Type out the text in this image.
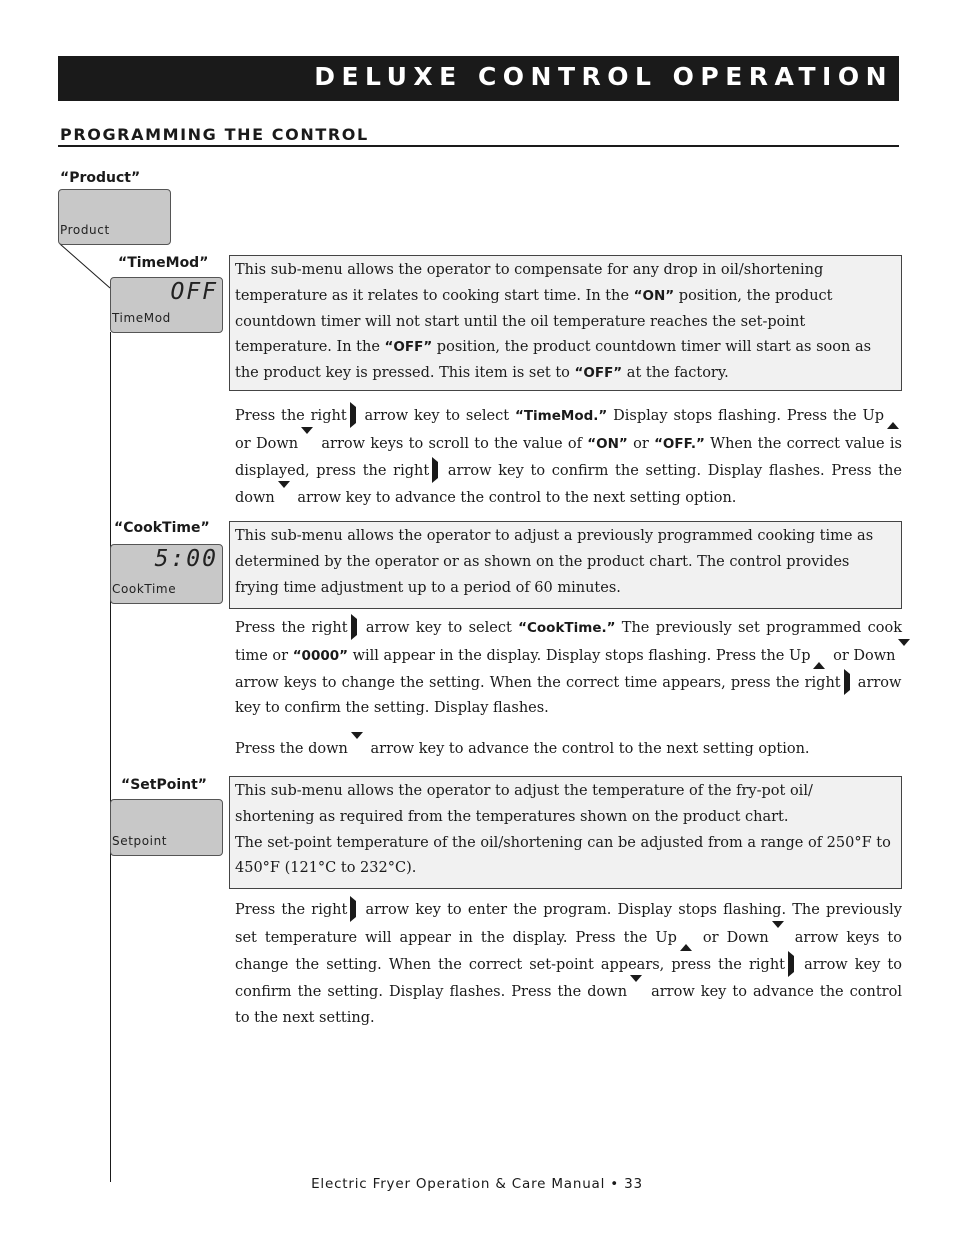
DELUXE CONTROL OPERATION
PROGRAMMING THE CONTROL
“Product”
Product
“TimeMod”
OFF
TimeMod
This sub-menu allows the operator to compensate for any drop in oil/shortening temperature as it relates to cooking start time. In the “ON” position, the product countdown timer will not start until the oil temperature reaches the set-point temperature. In the “OFF” position, the product countdown timer will start as soon as the product key is pressed. This item is set to “OFF” at the factory.
Press the right arrow key to select “TimeMod.” Display stops flashing. Press the Up or Down arrow keys to scroll to the value of “ON” or “OFF.” When the correct value is displayed, press the right arrow key to confirm the setting. Display flashes. Press the down arrow key to advance the control to the next setting option.
“CookTime”
5:00
CookTime
This sub-menu allows the operator to adjust a previously programmed cooking time as determined by the operator or as shown on the product chart. The control provides frying time adjustment up to a period of 60 minutes.
Press the right arrow key to select “CookTime.” The previously set programmed cook time or “0000” will appear in the display. Display stops flashing. Press the Up or Down arrow keys to change the setting. When the correct time appears, press the right arrow key to confirm the setting. Display flashes.
Press the down arrow key to advance the control to the next setting option.
“SetPoint”
Setpoint
This sub-menu allows the operator to adjust the temperature of the fry-pot oil/ shortening as required from the temperatures shown on the product chart.
The set-point temperature of the oil/shortening can be adjusted from a range of 250°F to 450°F (121°C to 232°C).
Press the right arrow key to enter the program. Display stops flashing. The previously set temperature will appear in the display. Press the Up or Down arrow keys to change the setting. When the correct set-point appears, press the right arrow key to confirm the setting. Display flashes. Press the down arrow key to advance the control to the next setting.
Electric Fryer Operation & Care Manual • 33
